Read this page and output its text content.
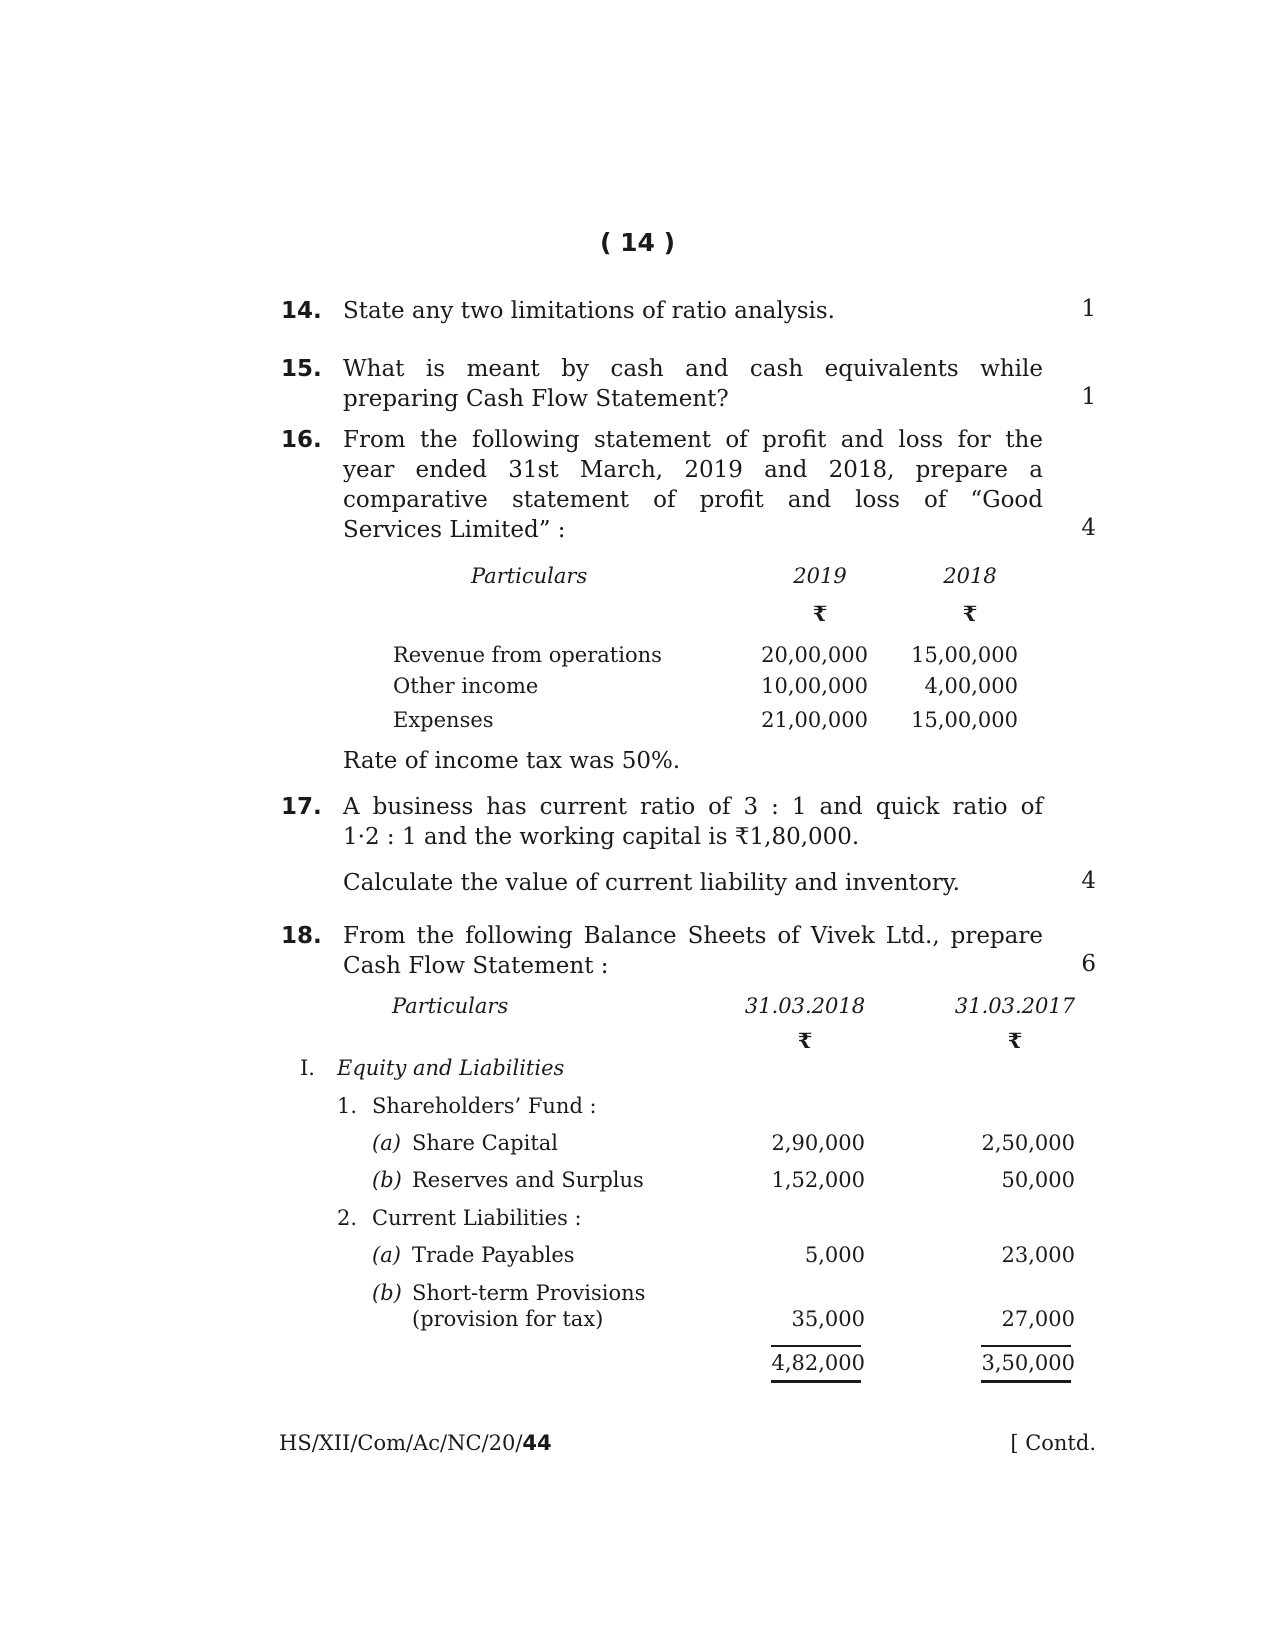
( 14 )
14. State any two limitations of ratio analysis.	1
15. What is meant by cash and cash equivalents while
preparing Cash Flow Statement?	1
16. From the following statement of profit and loss for the
year ended 31st March, 2019 and 2018, prepare a
comparative statement of profit and loss of “Good
Services Limited” :	4
Particulars	2019	2018
₹	₹
Revenue from operations	20,00,000	15,00,000
Other income	10,00,000	4,00,000
Expenses	21,00,000	15,00,000
Rate of income tax was 50%.
17. A business has current ratio of 3 : 1 and quick ratio of
1·2 : 1 and the working capital is ₹1,80,000.
Calculate the value of current liability and inventory.	4
18. From the following Balance Sheets of Vivek Ltd., prepare
Cash Flow Statement :	6
Particulars	31.03.2018	31.03.2017
₹	₹
I. Equity and Liabilities
1. Shareholders’ Fund :
(a) Share Capital	2,90,000	2,50,000
(b) Reserves and Surplus	1,52,000	50,000
2. Current Liabilities :
(a) Trade Payables	5,000	23,000
(b) Short-term Provisions
(provision for tax)	35,000	27,000
4,82,000	3,50,000
HS/XII/Com/Ac/NC/20/44	[ Contd.
